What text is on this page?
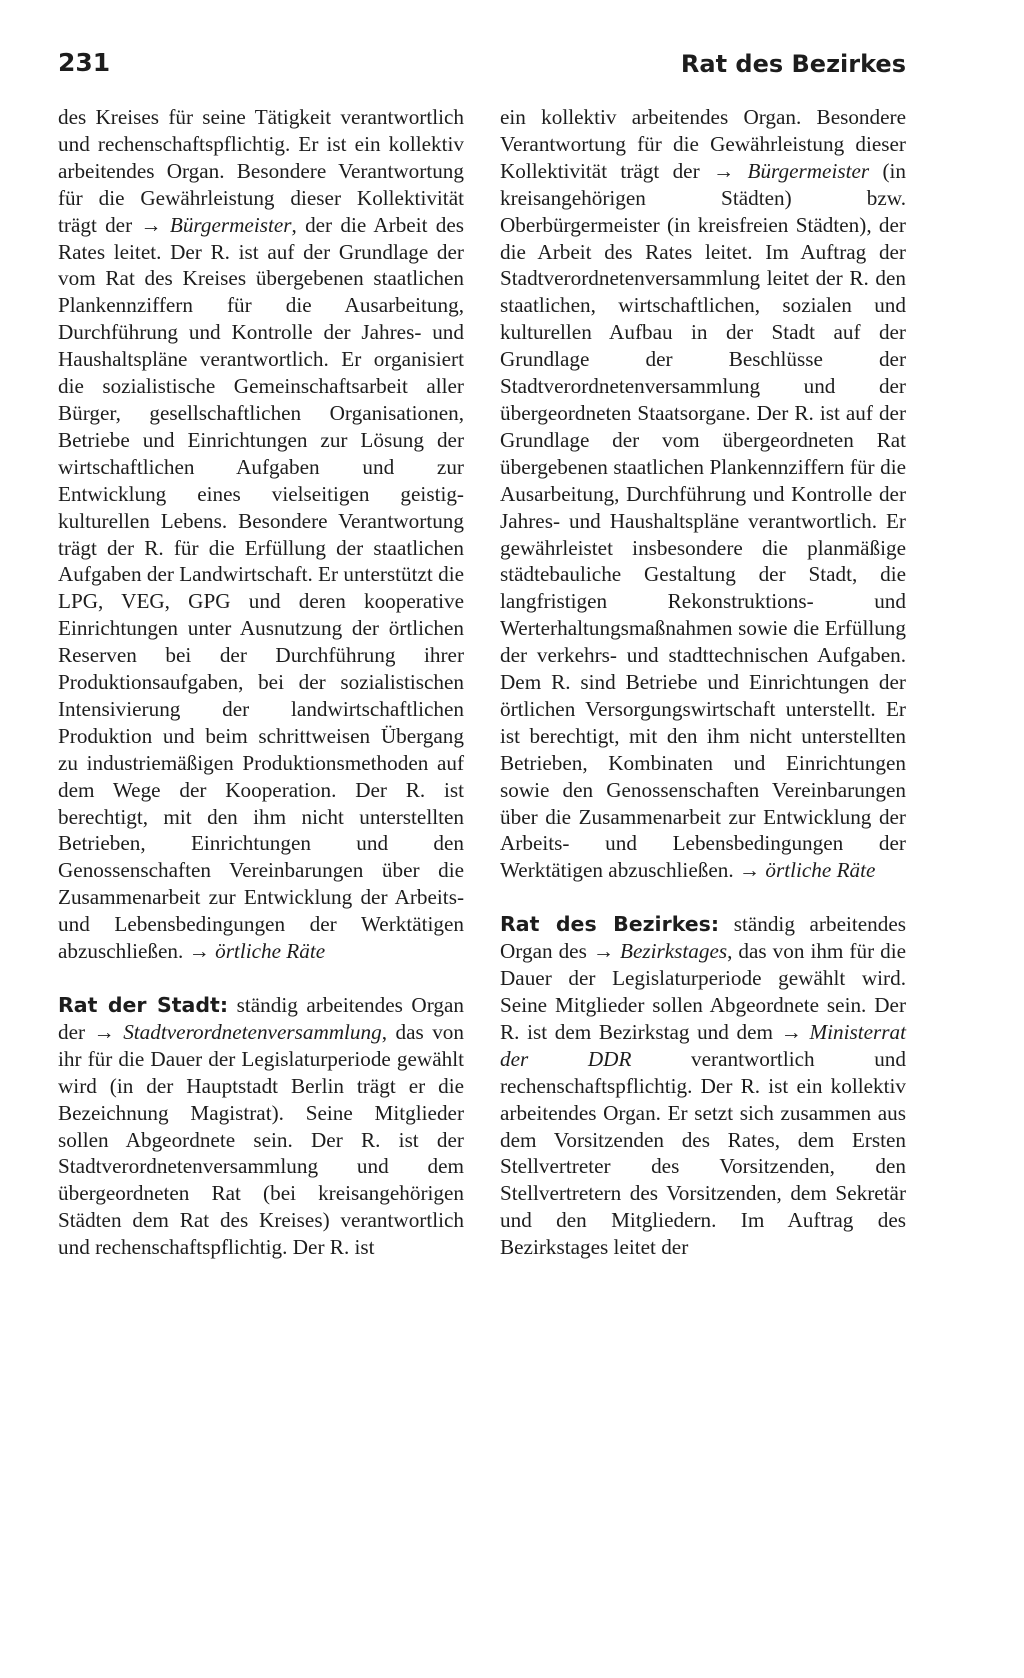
231	Rat des Bezirkes

des Kreises für seine Tätigkeit verantwortlich und rechenschaftspflichtig. Er ist ein kollektiv arbeitendes Organ. Besondere Verantwortung für die Gewährleistung dieser Kollektivität trägt der → Bürgermeister, der die Arbeit des Rates leitet. Der R. ist auf der Grundlage der vom Rat des Kreises übergebenen staatlichen Plankennziffern für die Ausarbeitung, Durchführung und Kontrolle der Jahres- und Haushaltspläne verantwortlich. Er organisiert die sozialistische Gemeinschaftsarbeit aller Bürger, gesellschaftlichen Organisationen, Betriebe und Einrichtungen zur Lösung der wirtschaftlichen Aufgaben und zur Entwicklung eines vielseitigen geistig-kulturellen Lebens. Besondere Verantwortung trägt der R. für die Erfüllung der staatlichen Aufgaben der Landwirtschaft. Er unterstützt die LPG, VEG, GPG und deren kooperative Einrichtungen unter Ausnutzung der örtlichen Reserven bei der Durchführung ihrer Produktionsaufgaben, bei der sozialistischen Intensivierung der landwirtschaftlichen Produktion und beim schrittweisen Übergang zu industriemäßigen Produktionsmethoden auf dem Wege der Kooperation. Der R. ist berechtigt, mit den ihm nicht unterstellten Betrieben, Einrichtungen und den Genossenschaften Vereinbarungen über die Zusammenarbeit zur Entwicklung der Arbeits- und Lebensbedingungen der Werktätigen abzuschließen. → örtliche Räte

Rat der Stadt: ständig arbeitendes Organ der → Stadtverordnetenversammlung, das von ihr für die Dauer der Legislaturperiode gewählt wird (in der Hauptstadt Berlin trägt er die Bezeichnung Magistrat). Seine Mitglieder sollen Abgeordnete sein. Der R. ist der Stadtverordnetenversammlung und dem übergeordneten Rat (bei kreisangehörigen Städten dem Rat des Kreises) verantwortlich und rechenschaftspflichtig. Der R. ist

ein kollektiv arbeitendes Organ. Besondere Verantwortung für die Gewährleistung dieser Kollektivität trägt der → Bürgermeister (in kreisangehörigen Städten) bzw. Oberbürgermeister (in kreisfreien Städten), der die Arbeit des Rates leitet. Im Auftrag der Stadtverordnetenversammlung leitet der R. den staatlichen, wirtschaftlichen, sozialen und kulturellen Aufbau in der Stadt auf der Grundlage der Beschlüsse der Stadtverordnetenversammlung und der übergeordneten Staatsorgane. Der R. ist auf der Grundlage der vom übergeordneten Rat übergebenen staatlichen Plankennziffern für die Ausarbeitung, Durchführung und Kontrolle der Jahres- und Haushaltspläne verantwortlich. Er gewährleistet insbesondere die planmäßige städtebauliche Gestaltung der Stadt, die langfristigen Rekonstruktions- und Werterhaltungsmaßnahmen sowie die Erfüllung der verkehrs- und stadttechnischen Aufgaben. Dem R. sind Betriebe und Einrichtungen der örtlichen Versorgungswirtschaft unterstellt. Er ist berechtigt, mit den ihm nicht unterstellten Betrieben, Kombinaten und Einrichtungen sowie den Genossenschaften Vereinbarungen über die Zusammenarbeit zur Entwicklung der Arbeits- und Lebensbedingungen der Werktätigen abzuschließen. → örtliche Räte

Rat des Bezirkes: ständig arbeitendes Organ des → Bezirkstages, das von ihm für die Dauer der Legislaturperiode gewählt wird. Seine Mitglieder sollen Abgeordnete sein. Der R. ist dem Bezirkstag und dem → Ministerrat der DDR verantwortlich und rechenschaftspflichtig. Der R. ist ein kollektiv arbeitendes Organ. Er setzt sich zusammen aus dem Vorsitzenden des Rates, dem Ersten Stellvertreter des Vorsitzenden, den Stellvertretern des Vorsitzenden, dem Sekretär und den Mitgliedern. Im Auftrag des Bezirkstages leitet der
